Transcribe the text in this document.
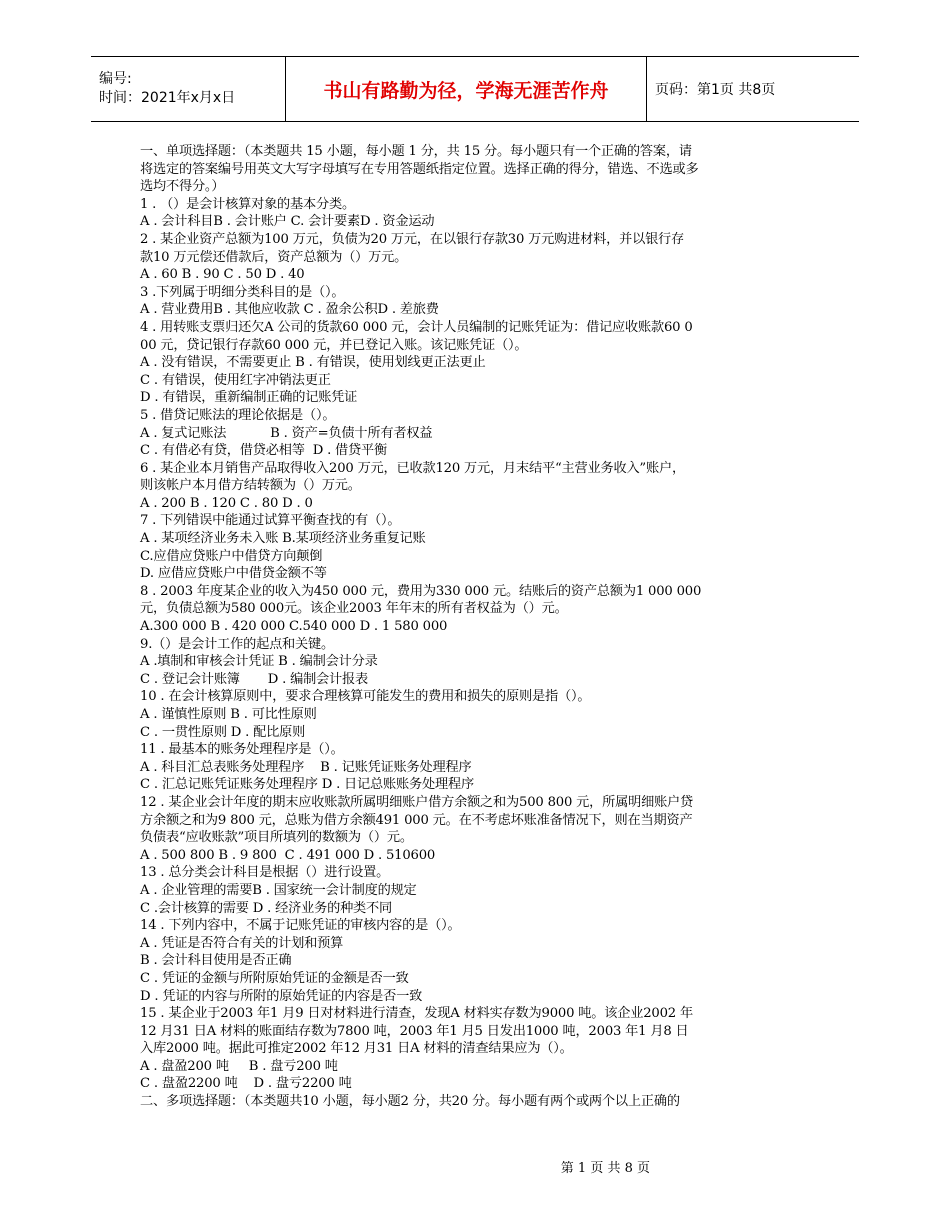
编号:
时间：2021年x月x日	书山有路勤为径，学海无涯苦作舟	页码：第1页 共8页
一、单项选择题：（本类题共 15 小题，每小题 1 分，共 15 分。每小题只有一个正确的答案，请
将选定的答案编号用英文大写字母填写在专用答题纸指定位置。选择正确的得分，错选、不选或多
选均不得分。）
1 . （）是会计核算对象的基本分类。
A . 会计科目B . 会计账户 C. 会计要素D . 资金运动
2 . 某企业资产总额为100 万元，负债为20 万元，在以银行存款30 万元购进材料，并以银行存
款10 万元偿还借款后，资产总额为（）万元。
A . 60 B . 90 C . 50 D . 40
3 .下列属于明细分类科目的是（）。
A . 营业费用B . 其他应收款 C . 盈余公积D . 差旅费
4 . 用转账支票归还欠A 公司的货款60 000 元，会计人员编制的记账凭证为：借记应收账款60 0
00 元，贷记银行存款60 000 元，并已登记入账。该记账凭证（）。
A . 没有错误，不需要更止 B . 有错误，使用划线更正法更止
C . 有错误，使用红字冲销法更正
D . 有错误，重新编制正确的记账凭证
5 . 借贷记账法的理论依据是（）。
A . 复式记账法           B . 资产=负债十所有者权益
C . 有借必有贷，借贷必相等  D . 借贷平衡
6 . 某企业本月销售产品取得收入200 万元，已收款120 万元，月末结平“主营业务收入”账户，
则该帐户本月借方结转额为（）万元。
A . 200 B . 120 C . 80 D . 0
7 . 下列错误中能通过试算平衡查找的有（）。
A . 某项经济业务未入账 B.某项经济业务重复记账
C.应借应贷账户中借贷方向颠倒
D. 应借应贷账户中借贷金额不等
8 . 2003 年度某企业的收入为450 000 元，费用为330 000 元。结账后的资产总额为1 000 000
元，负债总额为580 000元。该企业2003 年年末的所有者权益为（）元。
A.300 000 B . 420 000 C.540 000 D . 1 580 000
9.（）是会计工作的起点和关键。
A .填制和审核会计凭证 B . 编制会计分录
C . 登记会计账簿       D . 编制会计报表
10 . 在会计核算原则中，要求合理核算可能发生的费用和损失的原则是指（）。
A . 谨慎性原则 B . 可比性原则
C . 一贯性原则 D . 配比原则
11 . 最基本的账务处理程序是（）。
A . 科目汇总表账务处理程序    B . 记账凭证账务处理程序
C . 汇总记账凭证账务处理程序 D . 日记总账账务处理程序
12 . 某企业会计年度的期末应收账款所属明细账户借方余额之和为500 800 元，所属明细账户贷
方余额之和为9 800 元，总账为借方余额491 000 元。在不考虑坏账准备情况下，则在当期资产
负债表“应收账款”项目所填列的数额为（）元。
A . 500 800 B . 9 800  C . 491 000 D . 510600
13 . 总分类会计科目是根据（）进行设置。
A . 企业管理的需要B . 国家统一会计制度的规定
C .会计核算的需要 D . 经济业务的种类不同
14 . 下列内容中，不属于记账凭证的审核内容的是（）。
A . 凭证是否符合有关的计划和预算
B . 会计科目使用是否正确
C . 凭证的金额与所附原始凭证的金额是否一致
D . 凭证的内容与所附的原始凭证的内容是否一致
15 . 某企业于2003 年1 月9 日对材料进行清查，发现A 材料实存数为9000 吨。该企业2002 年
12 月31 日A 材料的账面结存数为7800 吨，2003 年1 月5 日发出1000 吨，2003 年1 月8 日
入库2000 吨。据此可推定2002 年12 月31 日A 材料的清查结果应为（）。
A . 盘盈200 吨     B . 盘亏200 吨
C . 盘盈2200 吨    D . 盘亏2200 吨
二、多项选择题：（本类题共10 小题，每小题2 分，共20 分。每小题有两个或两个以上正确的
第 1 页 共 8 页
